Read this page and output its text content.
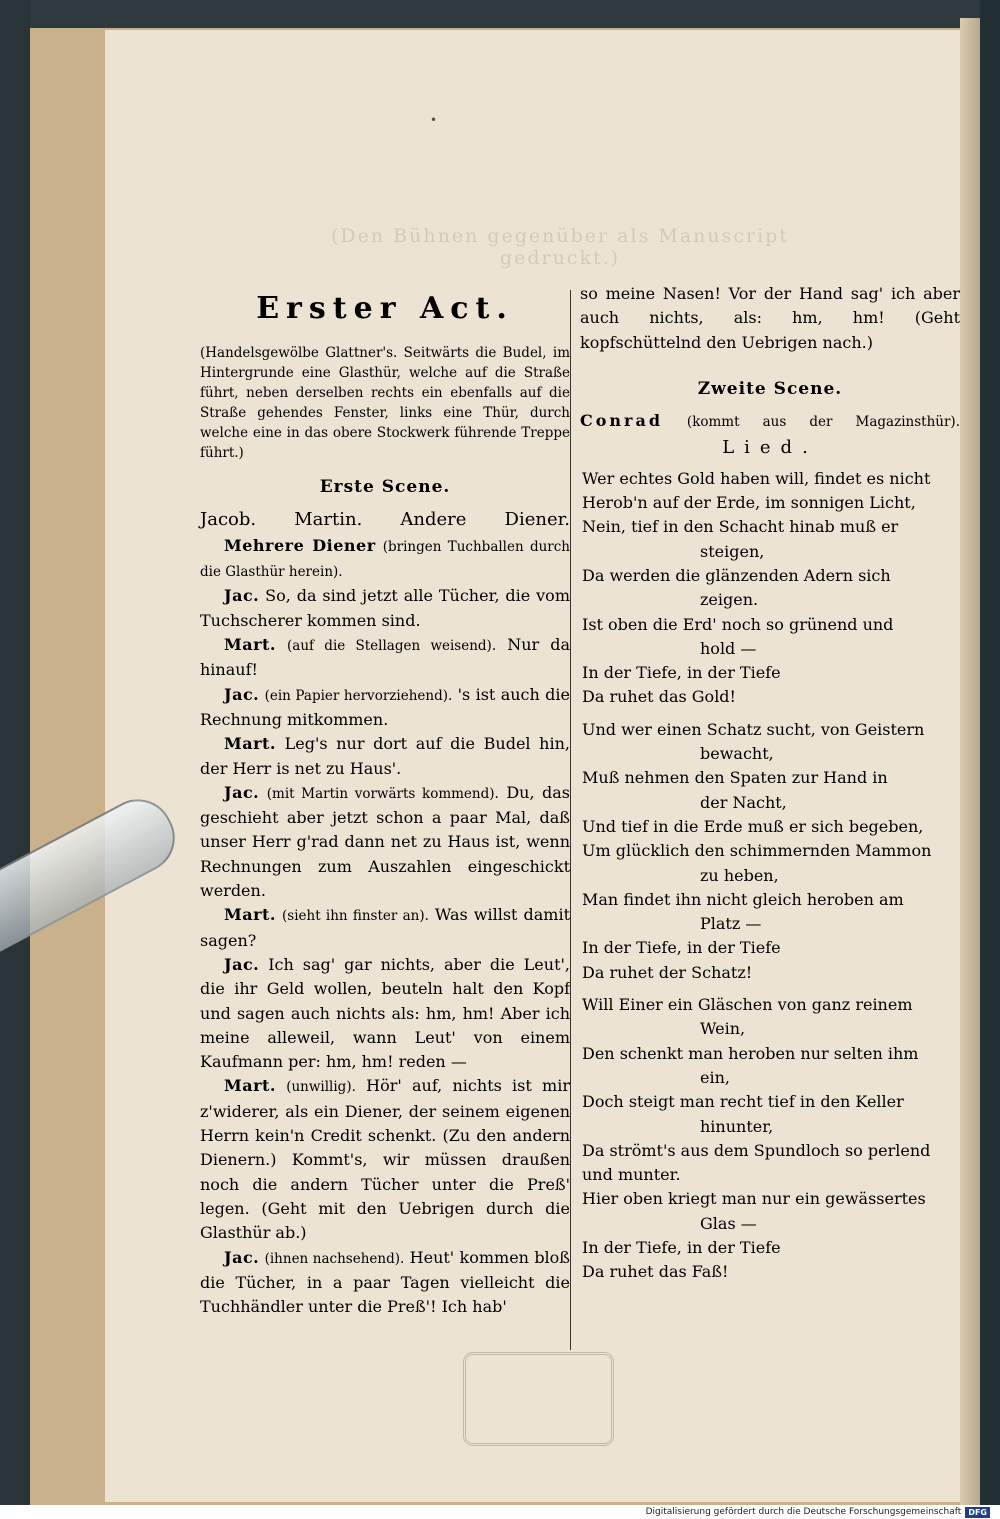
(Den Bühnen gegenüber als Manuscript gedruckt.)
•

Erster Act.

(Handelsgewölbe Glattner's. Seitwärts die Budel, im Hintergrunde eine Glasthür, welche auf die Straße führt, neben derselben rechts ein ebenfalls auf die Straße gehendes Fenster, links eine Thür, durch welche eine in das obere Stockwerk führende Treppe führt.)

Erste Scene.

Jacob. Martin. Andere Diener.

Mehrere Diener (bringen Tuchballen durch die Glasthür herein).

Jac. So, da sind jetzt alle Tücher, die vom Tuchscherer kommen sind.

Mart. (auf die Stellagen weisend). Nur da hinauf!

Jac. (ein Papier hervorziehend). 's ist auch die Rechnung mitkommen.

Mart. Leg's nur dort auf die Budel hin, der Herr is net zu Haus'.

Jac. (mit Martin vorwärts kommend). Du, das geschieht aber jetzt schon a paar Mal, daß unser Herr g'rad dann net zu Haus ist, wenn Rechnungen zum Auszahlen eingeschickt werden.

Mart. (sieht ihn finster an). Was willst damit sagen?

Jac. Ich sag' gar nichts, aber die Leut', die ihr Geld wollen, beuteln halt den Kopf und sagen auch nichts als: hm, hm! Aber ich meine alleweil, wann Leut' von einem Kaufmann per: hm, hm! reden —

Mart. (unwillig). Hör' auf, nichts ist mir z'widerer, als ein Diener, der seinem eigenen Herrn kein'n Credit schenkt. (Zu den andern Dienern.) Kommt's, wir müssen draußen noch die andern Tücher unter die Preß' legen. (Geht mit den Uebrigen durch die Glasthür ab.)

Jac. (ihnen nachsehend). Heut' kommen bloß die Tücher, in a paar Tagen vielleicht die Tuchhändler unter die Preß'! Ich hab'

so meine Nasen! Vor der Hand sag' ich aber auch nichts, als: hm, hm! (Geht kopfschüttelnd den Uebrigen nach.)

Zweite Scene.

Conrad (kommt aus der Magazinsthür).

Lied.

Wer echtes Gold haben will, findet es nicht
Herob'n auf der Erde, im sonnigen Licht,
Nein, tief in den Schacht hinab muß er
steigen,
Da werden die glänzenden Adern sich
zeigen.
Ist oben die Erd' noch so grünend und
hold —
In der Tiefe, in der Tiefe
Da ruhet das Gold!
Und wer einen Schatz sucht, von Geistern
bewacht,
Muß nehmen den Spaten zur Hand in
der Nacht,
Und tief in die Erde muß er sich begeben,
Um glücklich den schimmernden Mammon
zu heben,
Man findet ihn nicht gleich heroben am
Platz —
In der Tiefe, in der Tiefe
Da ruhet der Schatz!
Will Einer ein Gläschen von ganz reinem
Wein,
Den schenkt man heroben nur selten ihm
ein,
Doch steigt man recht tief in den Keller
hinunter,
Da strömt's aus dem Spundloch so perlend und munter.
Hier oben kriegt man nur ein gewässertes
Glas —
In der Tiefe, in der Tiefe
Da ruhet das Faß!
Digitalisierung gefördert durch die Deutsche Forschungsgemeinschaft DFG
